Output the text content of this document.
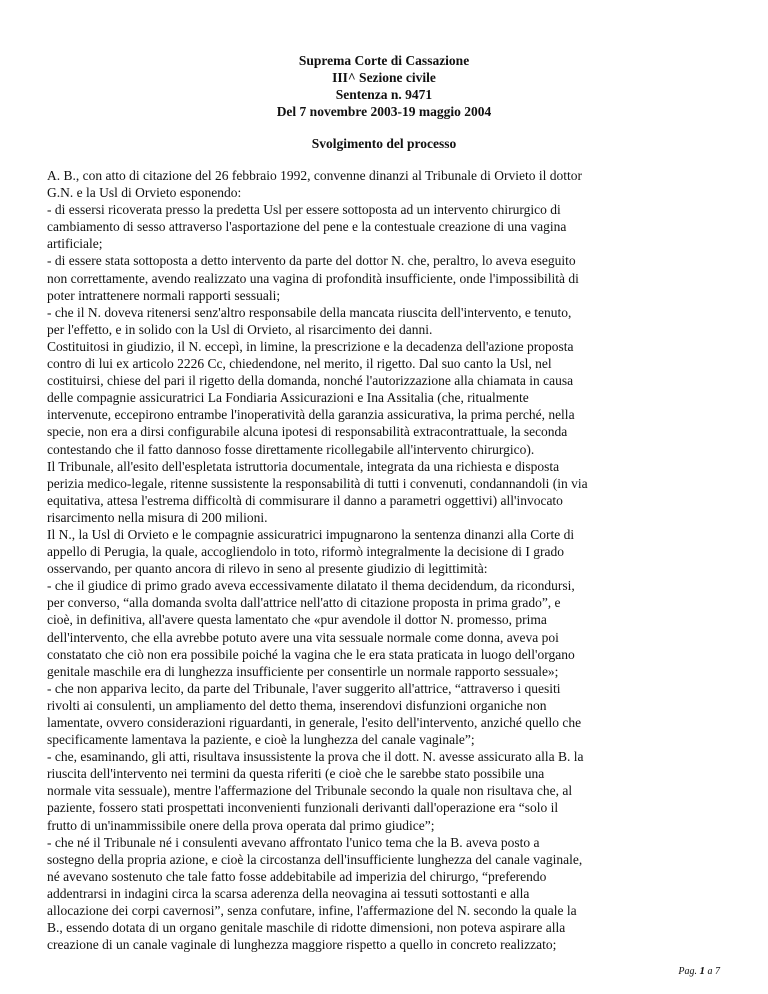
Suprema Corte di Cassazione
III^ Sezione civile
Sentenza n. 9471
Del 7 novembre 2003-19 maggio 2004
Svolgimento del processo

A. B., con atto di citazione del 26 febbraio 1992, convenne dinanzi al Tribunale di Orvieto il dottor

G.N. e la Usl di Orvieto esponendo:

- di essersi ricoverata presso la predetta Usl per essere sottoposta ad un intervento chirurgico di

cambiamento di sesso attraverso l'asportazione del pene e la contestuale creazione di una vagina

artificiale;

- di essere stata sottoposta a detto intervento da parte del dottor N. che, peraltro, lo aveva eseguito

non correttamente, avendo realizzato una vagina di profondità insufficiente, onde l'impossibilità di

poter intrattenere normali rapporti sessuali;

- che il N. doveva ritenersi senz'altro responsabile della mancata riuscita dell'intervento, e tenuto,

per l'effetto, e in solido con la Usl di Orvieto, al risarcimento dei danni.

Costituitosi in giudizio, il N. eccepì, in limine, la prescrizione e la decadenza dell'azione proposta

contro di lui ex articolo 2226 Cc, chiedendone, nel merito, il rigetto. Dal suo canto la Usl, nel

costituirsi, chiese del pari il rigetto della domanda, nonché l'autorizzazione alla chiamata in causa

delle compagnie assicuratrici La Fondiaria Assicurazioni e Ina Assitalia (che, ritualmente

intervenute, eccepirono entrambe l'inoperatività della garanzia assicurativa, la prima perché, nella

specie, non era a dirsi configurabile alcuna ipotesi di responsabilità extracontrattuale, la seconda

contestando che il fatto dannoso fosse direttamente ricollegabile all'intervento chirurgico).

Il Tribunale, all'esito dell'espletata istruttoria documentale, integrata da una richiesta e disposta

perizia medico-legale, ritenne sussistente la responsabilità di tutti i convenuti, condannandoli (in via

equitativa, attesa l'estrema difficoltà di commisurare il danno a parametri oggettivi) all'invocato

risarcimento nella misura di 200 milioni.

Il N., la Usl di Orvieto e le compagnie assicuratrici impugnarono la sentenza dinanzi alla Corte di

appello di Perugia, la quale, accogliendolo in toto, riformò integralmente la decisione di I grado

osservando, per quanto ancora di rilevo in seno al presente giudizio di legittimità:

- che il giudice di primo grado aveva eccessivamente dilatato il thema decidendum, da ricondursi,

per converso, “alla domanda svolta dall'attrice nell'atto di citazione proposta in prima grado”, e

cioè, in definitiva, all'avere questa lamentato che «pur avendole il dottor N. promesso, prima

dell'intervento, che ella avrebbe potuto avere una vita sessuale normale come donna, aveva poi

constatato che ciò non era possibile poiché la vagina che le era stata praticata in luogo dell'organo

genitale maschile era di lunghezza insufficiente per consentirle un normale rapporto sessuale»;

- che non appariva lecito, da parte del Tribunale, l'aver suggerito all'attrice, “attraverso i quesiti

rivolti ai consulenti, un ampliamento del detto thema, inserendovi disfunzioni organiche non

lamentate, ovvero considerazioni riguardanti, in generale, l'esito dell'intervento, anziché quello che

specificamente lamentava la paziente, e cioè la lunghezza del canale vaginale”;

- che, esaminando, gli atti, risultava insussistente la prova che il dott. N. avesse assicurato alla B. la

riuscita dell'intervento nei termini da questa riferiti (e cioè che le sarebbe stato possibile una

normale vita sessuale), mentre l'affermazione del Tribunale secondo la quale non risultava che, al

paziente, fossero stati prospettati inconvenienti funzionali derivanti dall'operazione era “solo il

frutto di un'inammissibile onere della prova operata dal primo giudice”;

- che né il Tribunale né i consulenti avevano affrontato l'unico tema che la B. aveva posto a

sostegno della propria azione, e cioè la circostanza dell'insufficiente lunghezza del canale vaginale,

né avevano sostenuto che tale fatto fosse addebitabile ad imperizia del chirurgo, “preferendo

addentrarsi in indagini circa la scarsa aderenza della neovagina ai tessuti sottostanti e alla

allocazione dei corpi cavernosi”, senza confutare, infine, l'affermazione del N. secondo la quale la

B., essendo dotata di un organo genitale maschile di ridotte dimensioni, non poteva aspirare alla

creazione di un canale vaginale di lunghezza maggiore rispetto a quello in concreto realizzato;

Pag. 1 a 7
